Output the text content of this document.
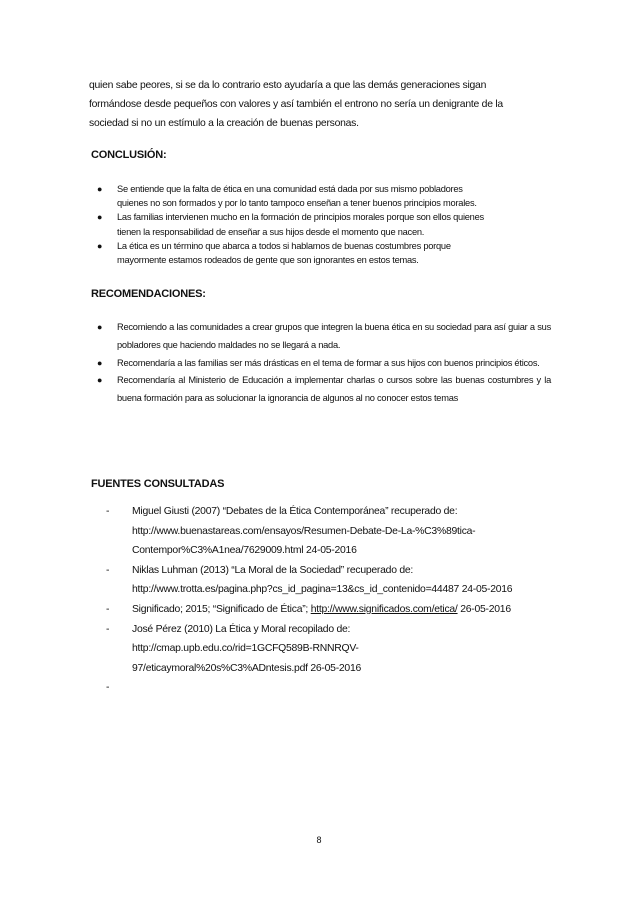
quien sabe peores, si se da lo contrario esto ayudaría a que las demás generaciones sigan
formándose desde pequeños con valores y así también el entrono no sería un denigrante de la
sociedad si no un estímulo a la creación de buenas personas.

CONCLUSIÓN:
● Se entiende que la falta de ética en una comunidad está dada por sus mismo pobladores
quienes no son formados y por lo tanto tampoco enseñan a tener buenos principios morales.
● Las familias intervienen mucho en la formación de principios morales porque son ellos quienes
tienen la responsabilidad de enseñar a sus hijos desde el momento que nacen.
● La ética es un término que abarca a todos si hablamos de buenas costumbres porque
mayormente estamos rodeados de gente que son ignorantes en estos temas.
RECOMENDACIONES:
● Recomiendo a las comunidades a crear grupos que integren la buena ética en su sociedad para así guiar a sus pobladores que haciendo maldades no se llegará a nada.
● Recomendaría a las familias ser más drásticas en el tema de formar a sus hijos con buenos principios éticos.
● Recomendaría al Ministerio de Educación a implementar charlas o cursos sobre las buenas costumbres y la buena formación para as solucionar la ignorancia de algunos al no conocer estos temas
FUENTES CONSULTADAS
- Miguel Giusti (2007) “Debates de la Ética Contemporánea” recuperado de:
http://www.buenastareas.com/ensayos/Resumen-Debate-De-La-%C3%89tica-
Contempor%C3%A1nea/7629009.html 24-05-2016
- Niklas Luhman (2013) “La Moral de la Sociedad” recuperado de:
http://www.trotta.es/pagina.php?cs_id_pagina=13&cs_id_contenido=44487 24-05-2016
- Significado; 2015; “Significado de Ética”; http://www.significados.com/etica/ 26-05-2016
- José Pérez (2010) La Ética y Moral recopilado de:
http://cmap.upb.edu.co/rid=1GCFQ589B-RNNRQV-
97/eticaymoral%20s%C3%ADntesis.pdf 26-05-2016
-
8
